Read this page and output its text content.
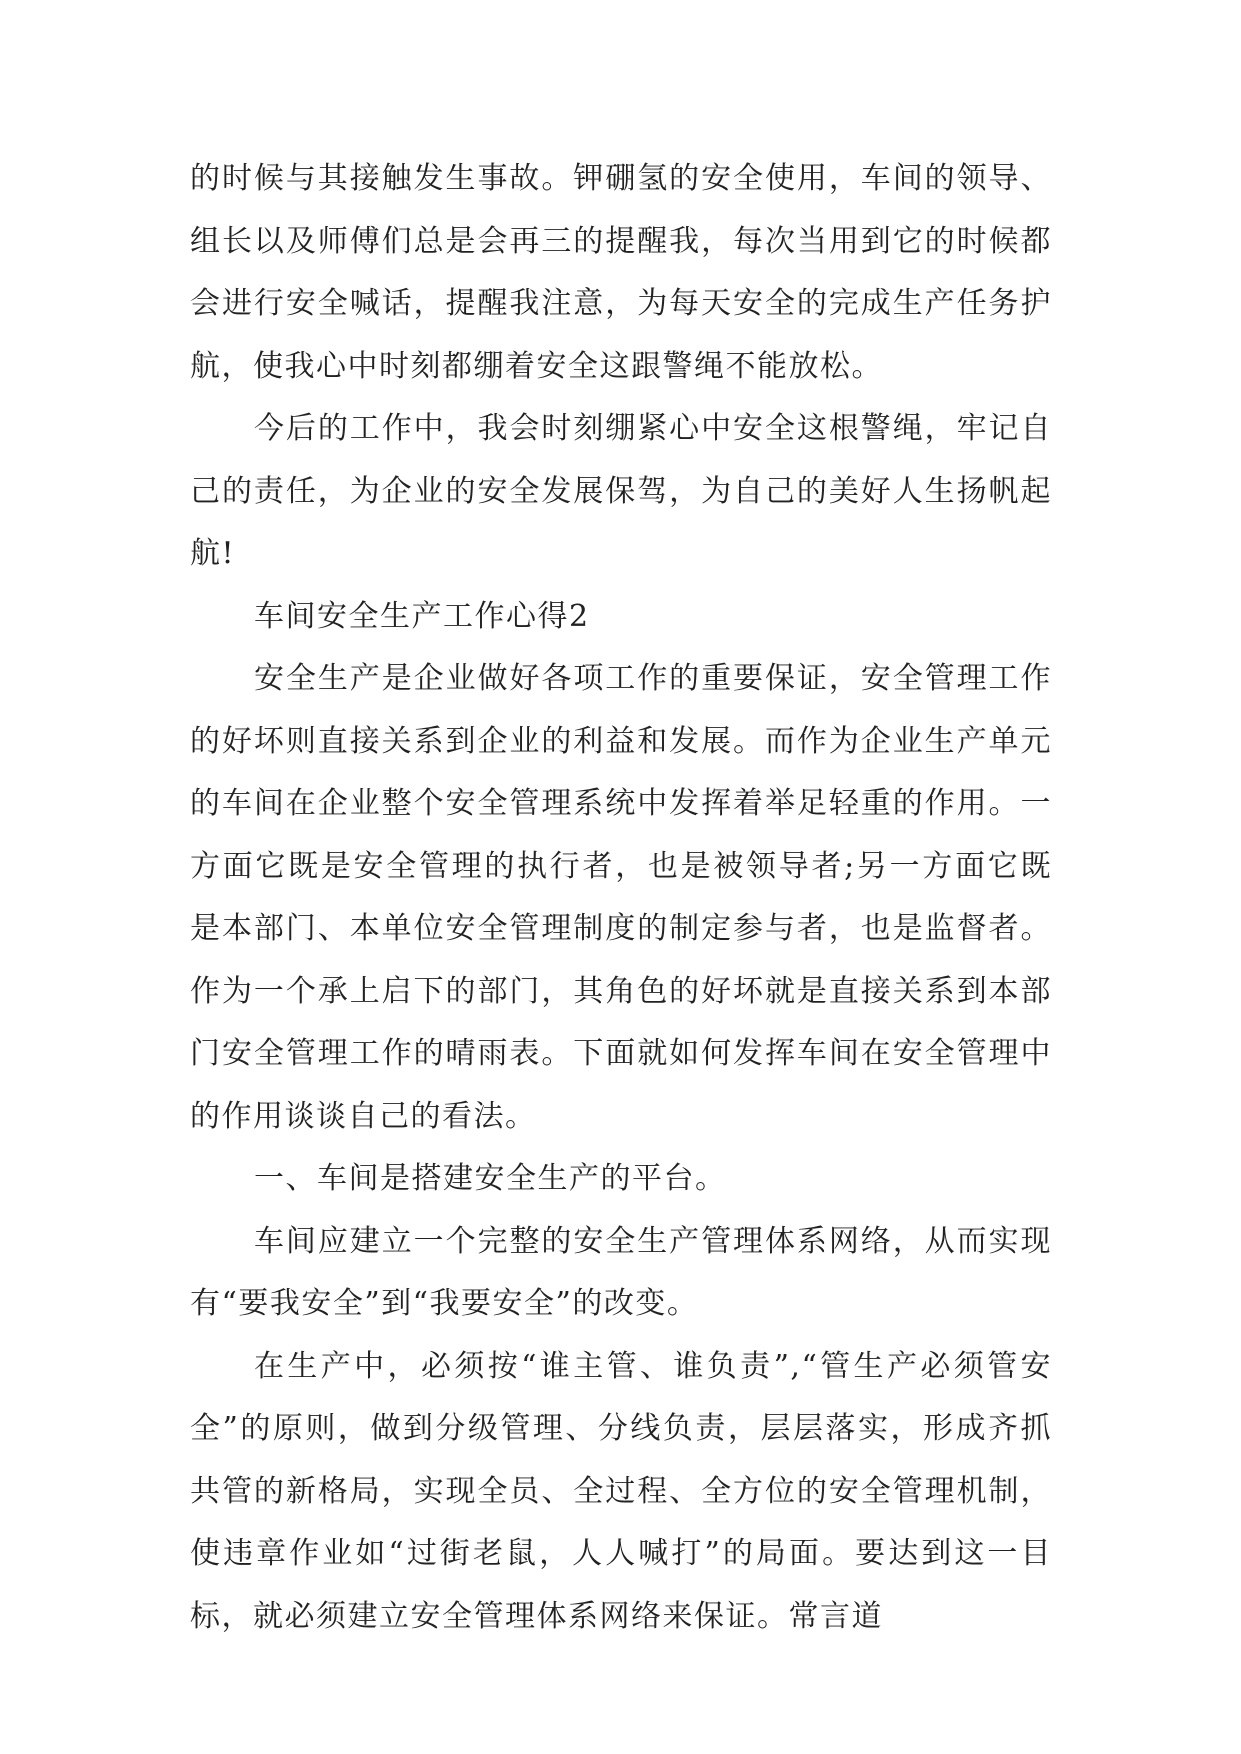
的时候与其接触发生事故。钾硼氢的安全使用，车间的领导、组长以及师傅们总是会再三的提醒我，每次当用到它的时候都会进行安全喊话，提醒我注意，为每天安全的完成生产任务护航，使我心中时刻都绷着安全这跟警绳不能放松。

今后的工作中，我会时刻绷紧心中安全这根警绳，牢记自己的责任，为企业的安全发展保驾，为自己的美好人生扬帆起航!

车间安全生产工作心得2

安全生产是企业做好各项工作的重要保证，安全管理工作的好坏则直接关系到企业的利益和发展。而作为企业生产单元的车间在企业整个安全管理系统中发挥着举足轻重的作用。一方面它既是安全管理的执行者，也是被领导者;另一方面它既是本部门、本单位安全管理制度的制定参与者，也是监督者。作为一个承上启下的部门，其角色的好坏就是直接关系到本部门安全管理工作的晴雨表。下面就如何发挥车间在安全管理中的作用谈谈自己的看法。

一、车间是搭建安全生产的平台。

车间应建立一个完整的安全生产管理体系网络，从而实现有“要我安全”到“我要安全”的改变。

在生产中，必须按“谁主管、谁负责”,“管生产必须管安全”的原则，做到分级管理、分线负责，层层落实，形成齐抓共管的新格局，实现全员、全过程、全方位的安全管理机制，使违章作业如“过街老鼠，人人喊打”的局面。要达到这一目标，就必须建立安全管理体系网络来保证。常言道
